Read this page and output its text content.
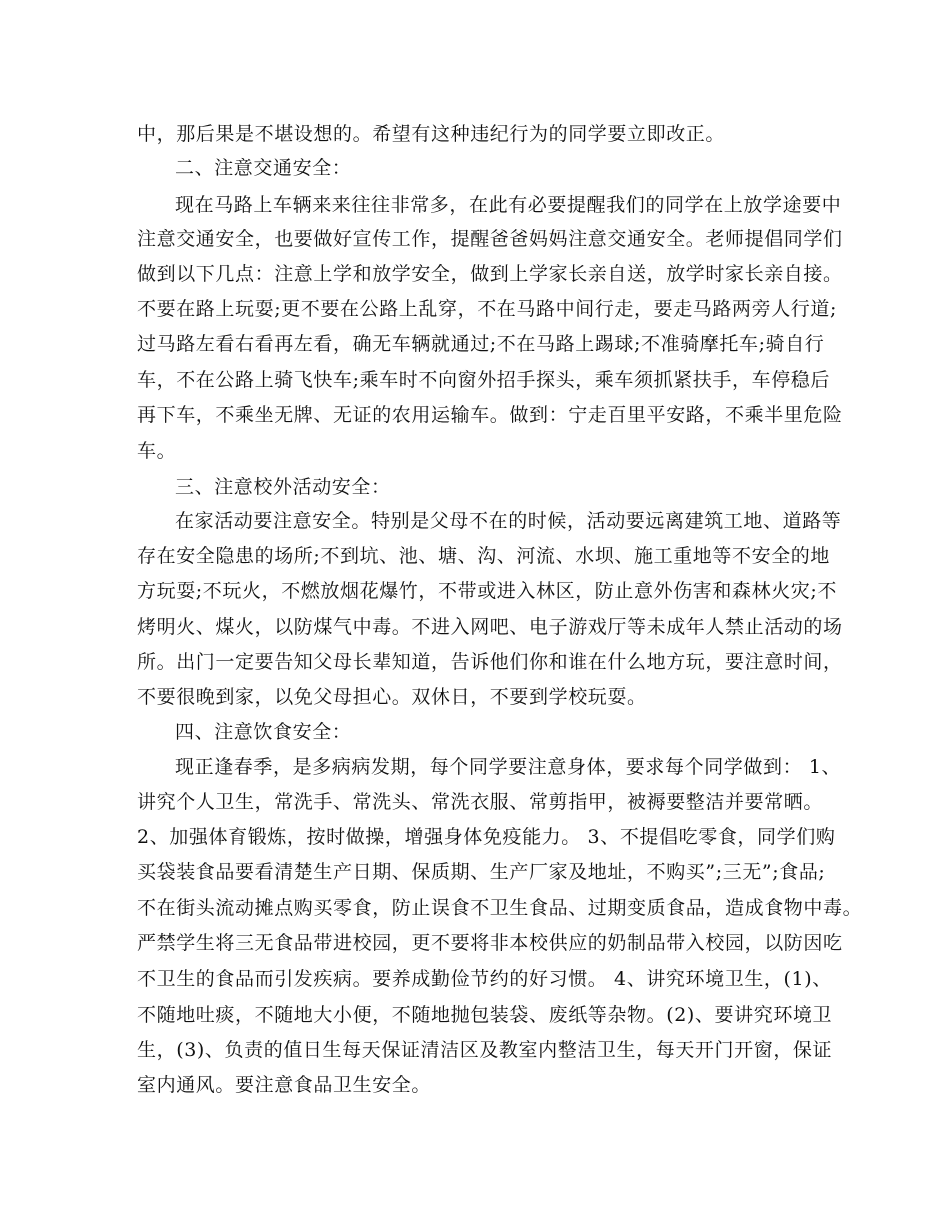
中，那后果是不堪设想的。希望有这种违纪行为的同学要立即改正。
二、注意交通安全：
现在马路上车辆来来往往非常多，在此有必要提醒我们的同学在上放学途要中
注意交通安全，也要做好宣传工作，提醒爸爸妈妈注意交通安全。老师提倡同学们
做到以下几点：注意上学和放学安全，做到上学家长亲自送，放学时家长亲自接。
不要在路上玩耍;更不要在公路上乱穿，不在马路中间行走，要走马路两旁人行道;
过马路左看右看再左看，确无车辆就通过;不在马路上踢球;不准骑摩托车;骑自行
车，不在公路上骑飞快车;乘车时不向窗外招手探头，乘车须抓紧扶手，车停稳后
再下车，不乘坐无牌、无证的农用运输车。做到：宁走百里平安路，不乘半里危险
车。
三、注意校外活动安全：
在家活动要注意安全。特别是父母不在的时候，活动要远离建筑工地、道路等
存在安全隐患的场所;不到坑、池、塘、沟、河流、水坝、施工重地等不安全的地
方玩耍;不玩火，不燃放烟花爆竹，不带或进入林区，防止意外伤害和森林火灾;不
烤明火、煤火，以防煤气中毒。不进入网吧、电子游戏厅等未成年人禁止活动的场
所。出门一定要告知父母长辈知道，告诉他们你和谁在什么地方玩，要注意时间，
不要很晚到家，以免父母担心。双休日，不要到学校玩耍。
四、注意饮食安全：
现正逢春季，是多病病发期，每个同学要注意身体，要求每个同学做到： 1、
讲究个人卫生，常洗手、常洗头、常洗衣服、常剪指甲，被褥要整洁并要常晒。
2、加强体育锻炼，按时做操，增强身体免疫能力。 3、不提倡吃零食，同学们购
买袋装食品要看清楚生产日期、保质期、生产厂家及地址，不购买”;三无”;食品;
不在街头流动摊点购买零食，防止误食不卫生食品、过期变质食品，造成食物中毒。
严禁学生将三无食品带进校园，更不要将非本校供应的奶制品带入校园，以防因吃
不卫生的食品而引发疾病。要养成勤俭节约的好习惯。 4、讲究环境卫生，(1)、
不随地吐痰，不随地大小便，不随地抛包装袋、废纸等杂物。(2)、要讲究环境卫
生，(3)、负责的值日生每天保证清洁区及教室内整洁卫生，每天开门开窗，保证
室内通风。要注意食品卫生安全。
